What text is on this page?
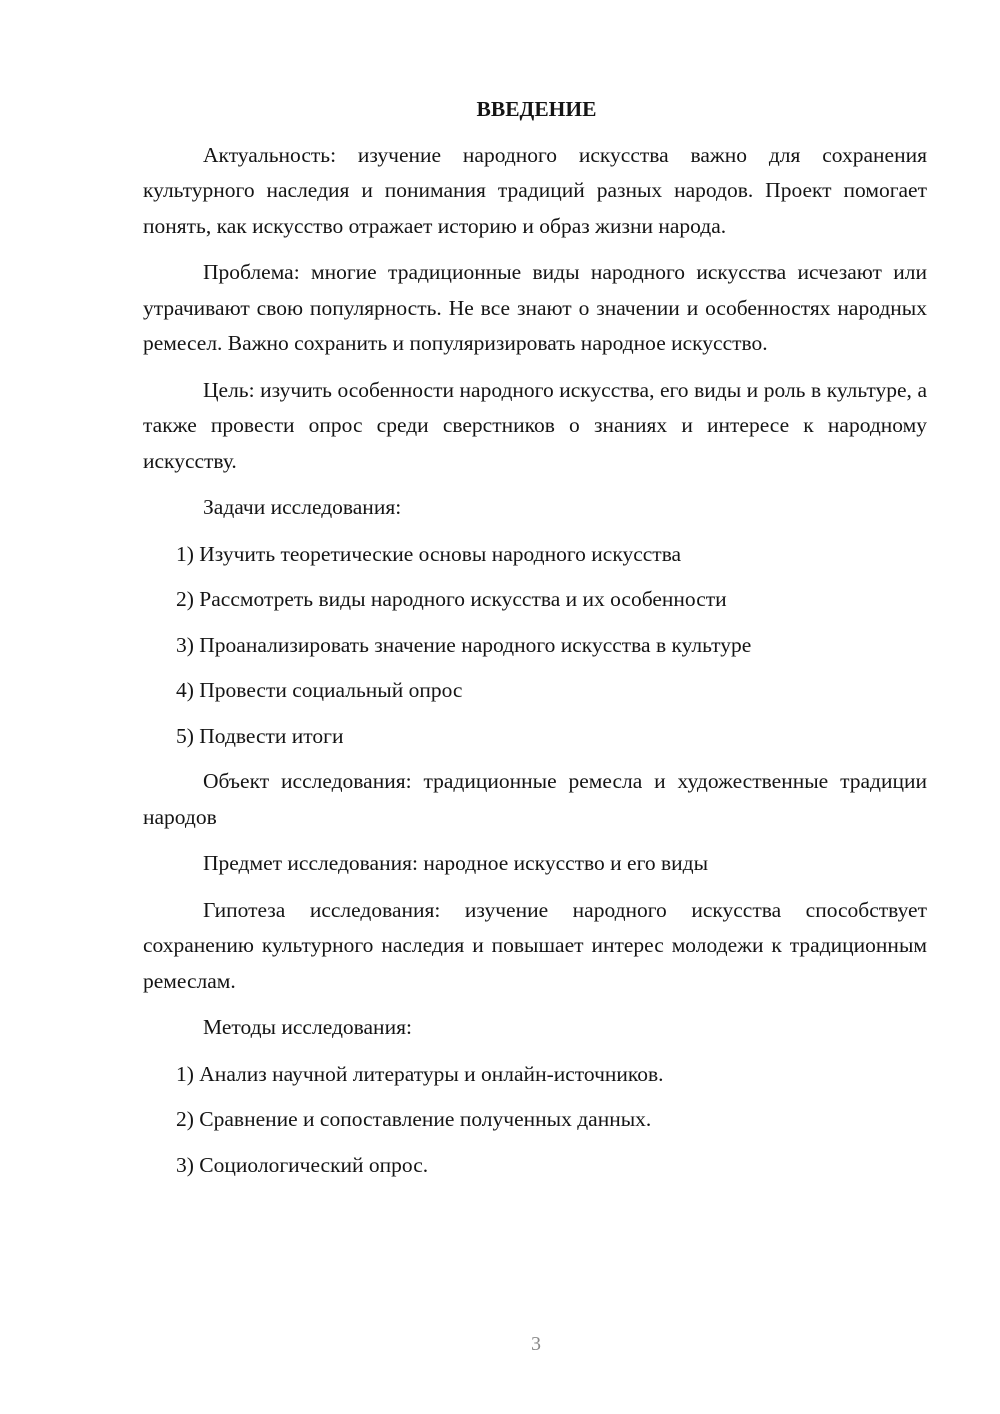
ВВЕДЕНИЕ

Актуальность: изучение народного искусства важно для сохранения культурного наследия и понимания традиций разных народов. Проект помогает понять, как искусство отражает историю и образ жизни народа.

Проблема: многие традиционные виды народного искусства исчезают или утрачивают свою популярность. Не все знают о значении и особенностях народных ремесел. Важно сохранить и популяризировать народное искусство.

Цель: изучить особенности народного искусства, его виды и роль в культуре, а также провести опрос среди сверстников о знаниях и интересе к народному искусству.

Задачи исследования:

1) Изучить теоретические основы народного искусства

2) Рассмотреть виды народного искусства и их особенности

3) Проанализировать значение народного искусства в культуре

4) Провести социальный опрос

5) Подвести итоги

Объект исследования: традиционные ремесла и художественные традиции народов

Предмет исследования: народное искусство и его виды

Гипотеза исследования: изучение народного искусства способствует сохранению культурного наследия и повышает интерес молодежи к традиционным ремеслам.

Методы исследования:

1) Анализ научной литературы и онлайн-источников.

2) Сравнение и сопоставление полученных данных.

3) Социологический опрос.

3
